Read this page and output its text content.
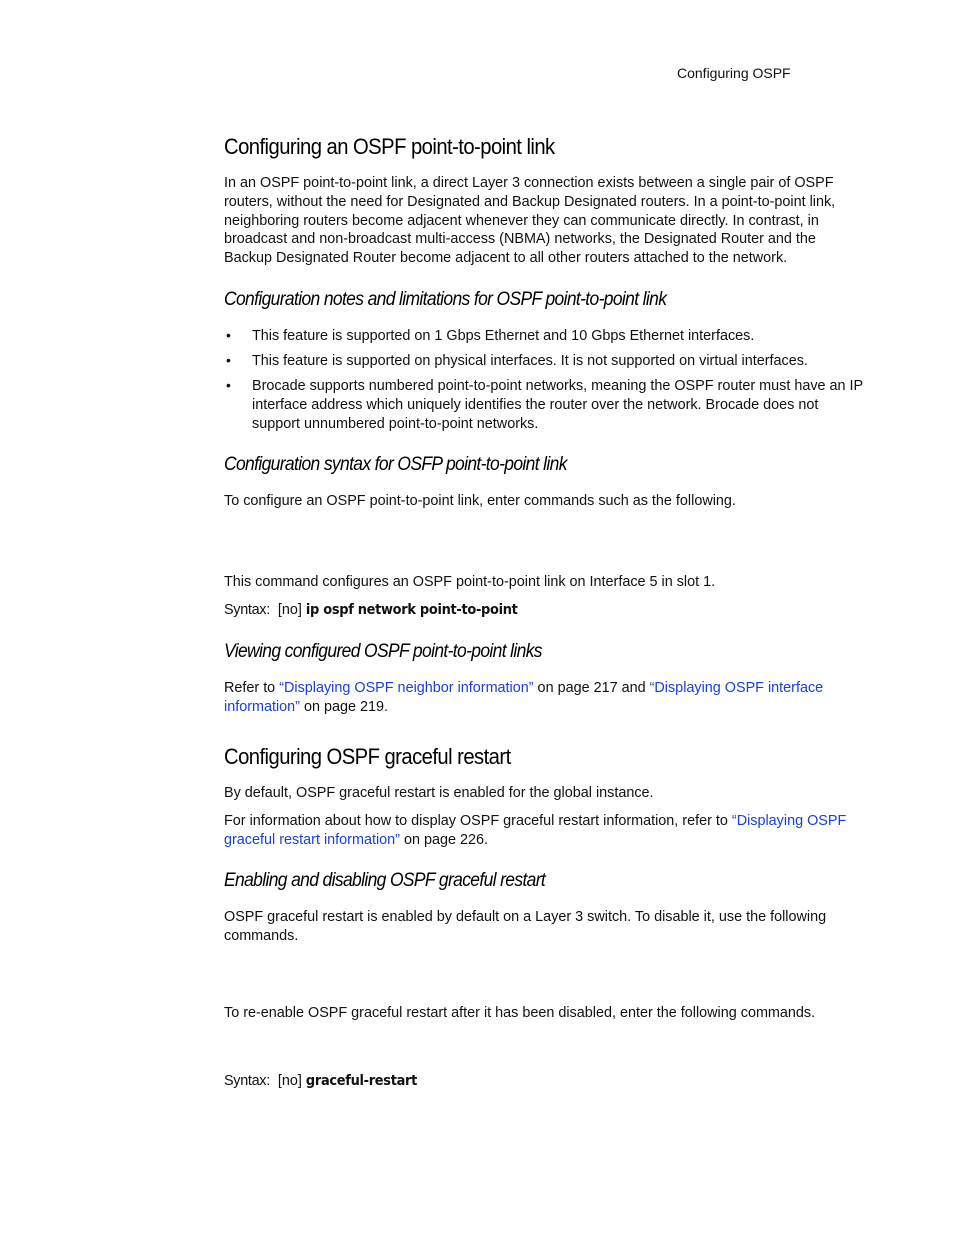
Configuring OSPF
Configuring an OSPF point-to-point link

In an OSPF point-to-point link, a direct Layer 3 connection exists between a single pair of OSPF routers, without the need for Designated and Backup Designated routers. In a point-to-point link, neighboring routers become adjacent whenever they can communicate directly. In contrast, in broadcast and non-broadcast multi-access (NBMA) networks, the Designated Router and the Backup Designated Router become adjacent to all other routers attached to the network.

Configuration notes and limitations for OSPF point-to-point link
• This feature is supported on 1 Gbps Ethernet and 10 Gbps Ethernet interfaces.
• This feature is supported on physical interfaces. It is not supported on virtual interfaces.
• Brocade supports numbered point-to-point networks, meaning the OSPF router must have an IP interface address which uniquely identifies the router over the network. Brocade does not support unnumbered point-to-point networks.
Configuration syntax for OSFP point-to-point link

To configure an OSPF point-to-point link, enter commands such as the following.

This command configures an OSPF point-to-point link on Interface 5 in slot 1.

Syntax: [no] ip ospf network point-to-point
Viewing configured OSPF point-to-point links

Refer to “Displaying OSPF neighbor information” on page 217 and “Displaying OSPF interface information” on page 219.

Configuring OSPF graceful restart

By default, OSPF graceful restart is enabled for the global instance.

For information about how to display OSPF graceful restart information, refer to “Displaying OSPF graceful restart information” on page 226.

Enabling and disabling OSPF graceful restart

OSPF graceful restart is enabled by default on a Layer 3 switch. To disable it, use the following commands.

To re-enable OSPF graceful restart after it has been disabled, enter the following commands.

Syntax: [no] graceful-restart
